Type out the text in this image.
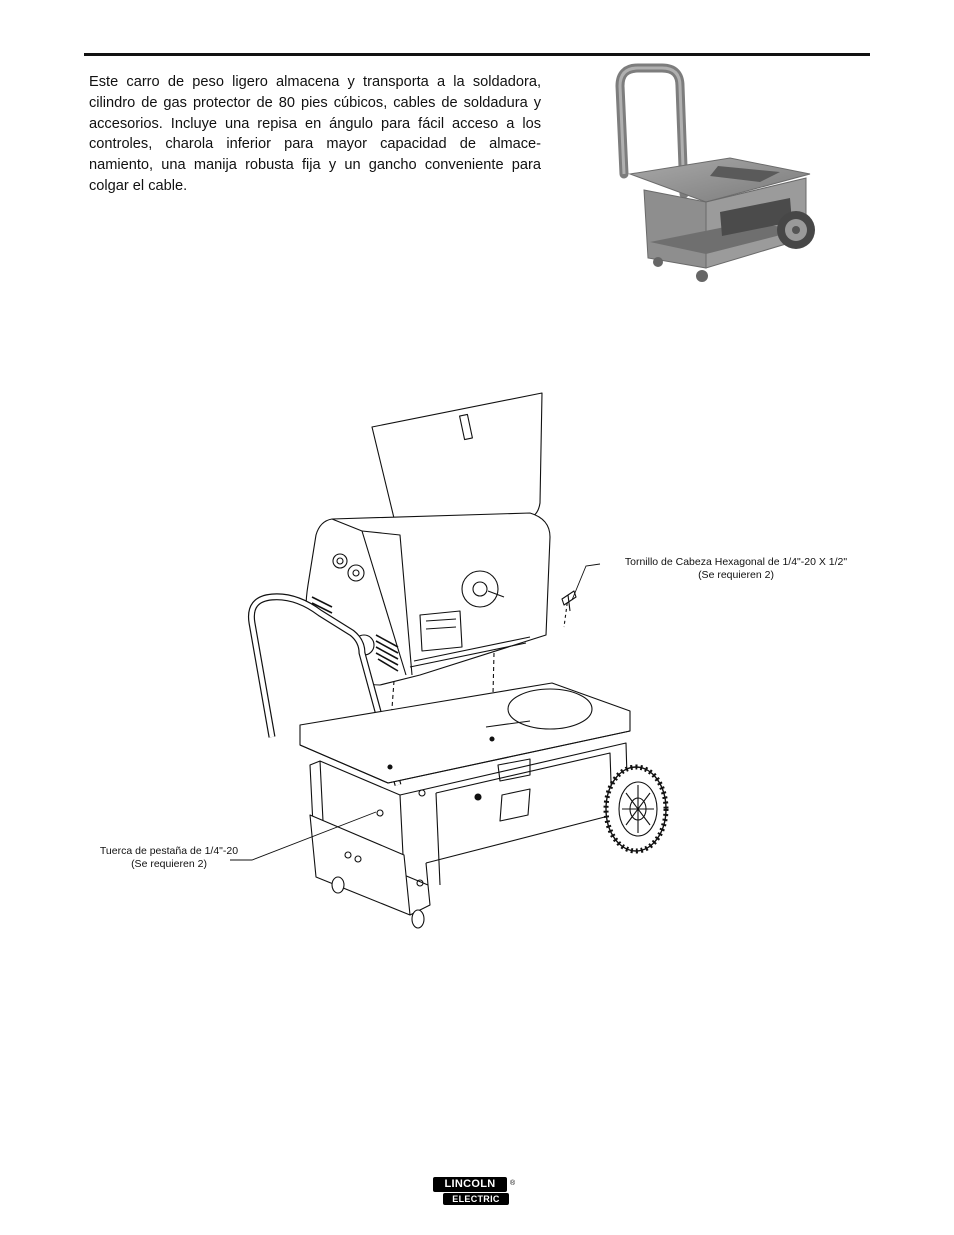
Este carro de peso ligero almacena y transporta a la soldadora, cilindro de gas protector de 80 pies cúbicos, cables de soldadura y accesorios. Incluye una repisa en ángulo para fácil acceso a los controles, charola inferior para mayor capacidad de almace- namiento, una manija robusta fija y un gancho conveniente para colgar el cable.

Tornillo de Cabeza Hexagonal de 1/4"-20 X 1/2"
(Se requieren 2)
Tuerca de pestaña de 1/4"-20
(Se requieren 2)
LINCOLN
ELECTRIC
®
